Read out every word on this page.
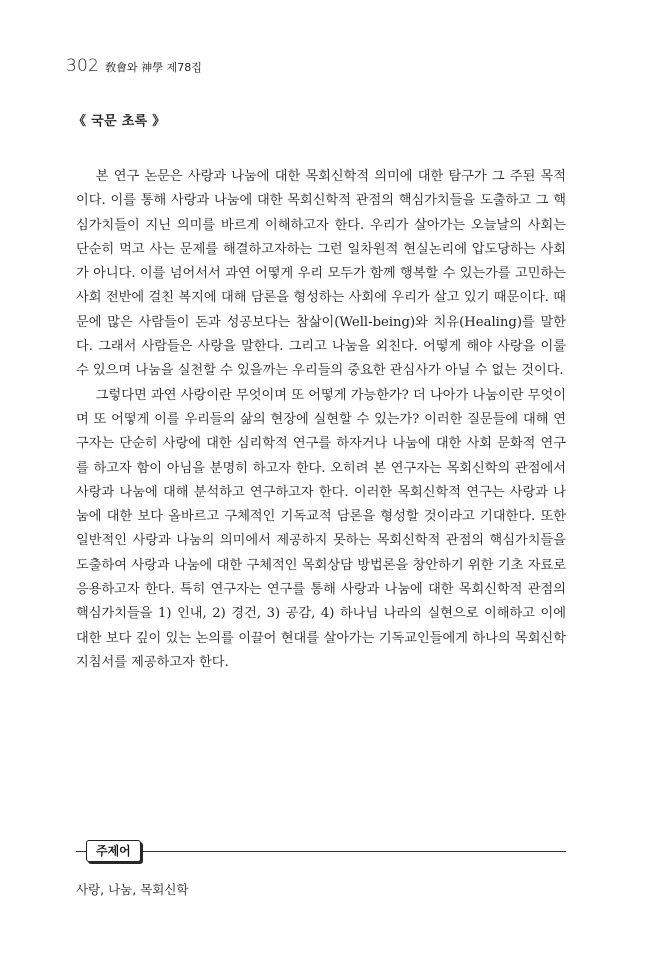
302 敎會와 神學 제78집
《 국문 초록 》

본 연구 논문은 사랑과 나눔에 대한 목회신학적 의미에 대한 탐구가 그 주된 목적이다. 이를 통해 사랑과 나눔에 대한 목회신학적 관점의 핵심가치들을 도출하고 그 핵심가치들이 지닌 의미를 바르게 이해하고자 한다. 우리가 살아가는 오늘날의 사회는 단순히 먹고 사는 문제를 해결하고자하는 그런 일차원적 현실논리에 압도당하는 사회가 아니다. 이를 넘어서서 과연 어떻게 우리 모두가 함께 행복할 수 있는가를 고민하는 사회 전반에 걸친 복지에 대해 담론을 형성하는 사회에 우리가 살고 있기 때문이다. 때문에 많은 사람들이 돈과 성공보다는 참삶이(Well-being)와 치유(Healing)를 말한다. 그래서 사람들은 사랑을 말한다. 그리고 나눔을 외친다. 어떻게 해야 사랑을 이룰 수 있으며 나눔을 실천할 수 있을까는 우리들의 중요한 관심사가 아닐 수 없는 것이다.

그렇다면 과연 사랑이란 무엇이며 또 어떻게 가능한가? 더 나아가 나눔이란 무엇이며 또 어떻게 이를 우리들의 삶의 현장에 실현할 수 있는가? 이러한 질문들에 대해 연구자는 단순히 사랑에 대한 심리학적 연구를 하자거나 나눔에 대한 사회 문화적 연구를 하고자 함이 아님을 분명히 하고자 한다. 오히려 본 연구자는 목회신학의 관점에서 사랑과 나눔에 대해 분석하고 연구하고자 한다. 이러한 목회신학적 연구는 사랑과 나눔에 대한 보다 올바르고 구체적인 기독교적 담론을 형성할 것이라고 기대한다. 또한 일반적인 사랑과 나눔의 의미에서 제공하지 못하는 목회신학적 관점의 핵심가치들을 도출하여 사랑과 나눔에 대한 구체적인 목회상담 방법론을 창안하기 위한 기초 자료로 응용하고자 한다. 특히 연구자는 연구를 통해 사랑과 나눔에 대한 목회신학적 관점의 핵심가치들을 1) 인내, 2) 경건, 3) 공감, 4) 하나님 나라의 실현으로 이해하고 이에 대한 보다 깊이 있는 논의를 이끌어 현대를 살아가는 기독교인들에게 하나의 목회신학 지침서를 제공하고자 한다.

주제어
사랑, 나눔, 목회신학
